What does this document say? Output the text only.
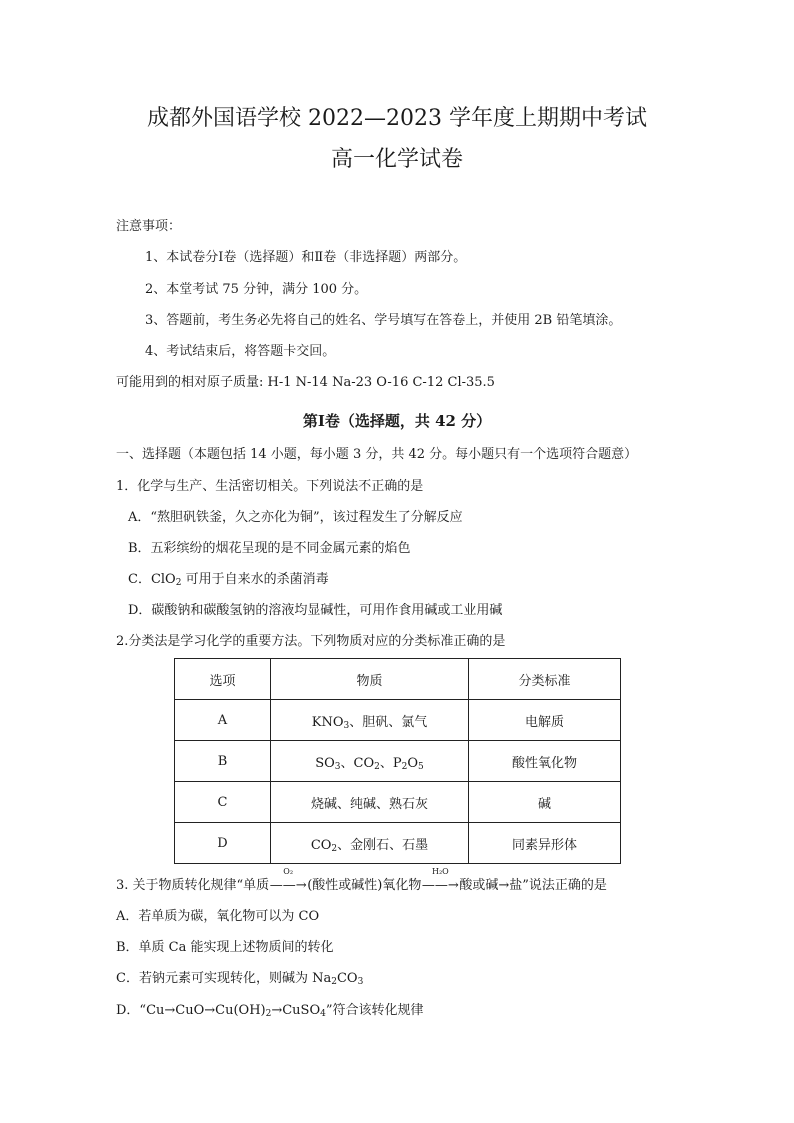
成都外国语学校 2022—2023 学年度上期期中考试
高一化学试卷
注意事项：
1、本试卷分Ⅰ卷（选择题）和Ⅱ卷（非选择题）两部分。
2、本堂考试 75 分钟，满分 100 分。
3、答题前，考生务必先将自己的姓名、学号填写在答卷上，并使用 2B 铅笔填涂。
4、考试结束后，将答题卡交回。
可能用到的相对原子质量: H-1 N-14 Na-23 O-16 C-12 Cl-35.5
第Ⅰ卷（选择题，共 42 分）
一、选择题（本题包括 14 小题，每小题 3 分，共 42 分。每小题只有一个选项符合题意）
1．化学与生产、生活密切相关。下列说法不正确的是
A．“熬胆矾铁釜，久之亦化为铜”，该过程发生了分解反应
B．五彩缤纷的烟花呈现的是不同金属元素的焰色
C．ClO$_2$ 可用于自来水的杀菌消毒
D．碳酸钠和碳酸氢钠的溶液均显碱性，可用作食用碱或工业用碱
2.分类法是学习化学的重要方法。下列物质对应的分类标准正确的是
选项	物质	分类标准
A	$KNO_3$、胆矾、氯气	电解质
B	$SO_3$、$CO_2$、$P_2O_5$	酸性氧化物
C	烧碱、纯碱、熟石灰	碱
D	$CO_2$、金刚石、石墨	同素异形体
3. 关于物质转化规律“单质
O₂
——→(酸性或碱性)氧化物
H₂O
——→酸或碱→盐”说法正确的是
A．若单质为碳，氧化物可以为 CO
B．单质 Ca 能实现上述物质间的转化
C．若钠元素可实现转化，则碱为 $Na_2CO_3$
D．“$Cu\to CuO\to Cu(OH)_2\to CuSO_4$”符合该转化规律
